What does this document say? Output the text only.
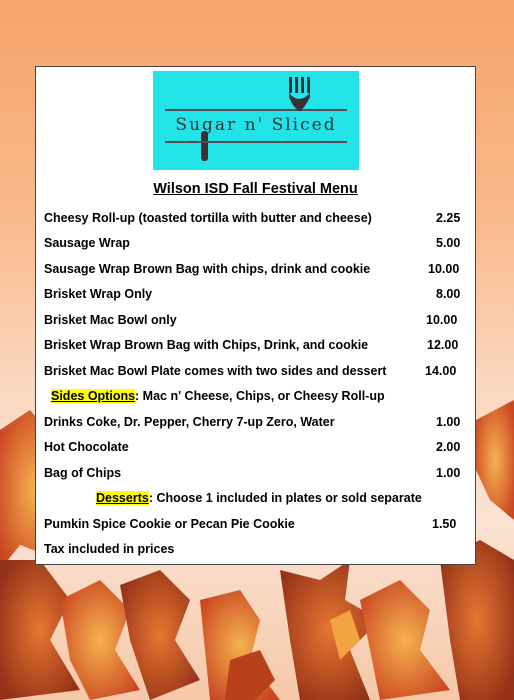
Sugar n' Sliced
Wilson ISD Fall Festival Menu
Cheesy Roll-up (toasted tortilla with butter and cheese)	2.25
Sausage Wrap	5.00
Sausage Wrap Brown Bag with chips, drink and cookie	10.00
Brisket Wrap Only	8.00
Brisket Mac Bowl only	10.00
Brisket Wrap Brown Bag with Chips, Drink, and cookie	12.00
Brisket Mac Bowl Plate comes with two sides and dessert	14.00
Sides Options: Mac n' Cheese, Chips, or Cheesy Roll-up
Drinks Coke, Dr. Pepper, Cherry 7-up Zero, Water	1.00
Hot Chocolate	2.00
Bag of Chips	1.00
Desserts: Choose 1 included in plates or sold separate
Pumkin Spice Cookie or Pecan Pie Cookie	1.50
Tax included in prices
